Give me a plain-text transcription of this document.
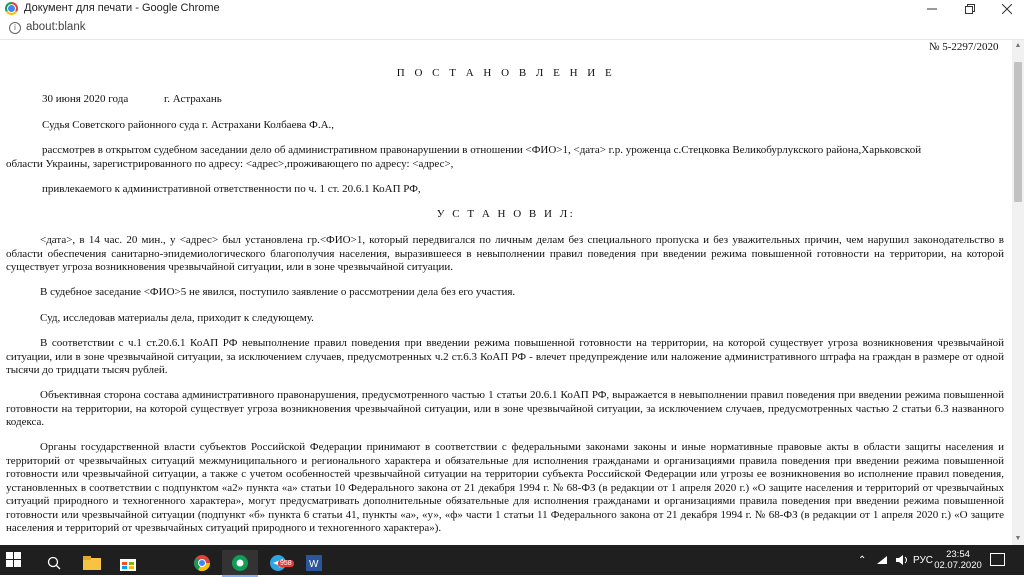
Документ для печати - Google Chrome
i about:blank
№ 5-2297/2020
П О С Т А Н О В Л Е Н И Е
30 июня 2020 года	г. Астрахань
Судья Советского районного суда г. Астрахани Колбаева Ф.А.,
рассмотрев в открытом судебном заседании дело об административном правонарушении в отношении <ФИО>1, <дата> г.р. уроженца с.Стецковка Великобурлукского района,Харьковской
области Украины, зарегистрированного по адресу: <адрес>,проживающего по адресу: <адрес>,
привлекаемого к административной ответственности по ч. 1 ст. 20.6.1 КоАП РФ,
У С Т А Н О В И Л:
<дата>, в 14 час. 20 мин., у <адрес> был установлена гр.<ФИО>1, который передвигался по личным делам без специального пропуска и без уважительных причин, чем нарушил законодательство в области обеспечения санитарно-эпидемиологического благополучия населения, выразившееся в невыполнении правил поведения при введении режима повышенной готовности на территории, на которой существует угроза возникновения чрезвычайной ситуации, или в зоне чрезвычайной ситуации.
В судебное заседание <ФИО>5 не явился, поступило заявление о рассмотрении дела без его участия.
Суд, исследовав материалы дела, приходит к следующему.
В соответствии с ч.1 ст.20.6.1 КоАП РФ невыполнение правил поведения при введении режима повышенной готовности на территории, на которой существует угроза возникновения чрезвычайной ситуации, или в зоне чрезвычайной ситуации, за исключением случаев, предусмотренных ч.2 ст.6.3 КоАП РФ - влечет предупреждение или наложение административного штрафа на граждан в размере от одной тысячи до тридцати тысяч рублей.
Объективная сторона состава административного правонарушения, предусмотренного частью 1 статьи 20.6.1 КоАП РФ, выражается в невыполнении правил поведения при введении режима повышенной готовности на территории, на которой существует угроза возникновения чрезвычайной ситуации, или в зоне чрезвычайной ситуации, за исключением случаев, предусмотренных частью 2 статьи 6.3 названного кодекса.
Органы государственной власти субъектов Российской Федерации принимают в соответствии с федеральными законами законы и иные нормативные правовые акты в области защиты населения и территорий от чрезвычайных ситуаций межмуниципального и регионального характера и обязательные для исполнения гражданами и организациями правила поведения при введении режима повышенной готовности или чрезвычайной ситуации, а также с учетом особенностей чрезвычайной ситуации на территории субъекта Российской Федерации или угрозы ее возникновения во исполнение правил поведения, установленных в соответствии с подпунктом «а2» пункта «а» статьи 10 Федерального закона от 21 декабря 1994 г. № 68-ФЗ (в редакции от 1 апреля 2020 г.) «О защите населения и территорий от чрезвычайных ситуаций природного и техногенного характера», могут предусматривать дополнительные обязательные для исполнения гражданами и организациями правила поведения при введении режима повышенной готовности или чрезвычайной ситуации (подпункт «б» пункта 6 статьи 41, пункты «а», «у», «ф» части 1 статьи 11 Федерального закона от 21 декабря 1994 г. № 68-ФЗ (в редакции от 1 апреля 2020 г.) «О защите населения и территорий от чрезвычайных ситуаций природного и техногенного характера»).
▲
▼
958 W	⌃	РУС	23:54
02.07.2020
